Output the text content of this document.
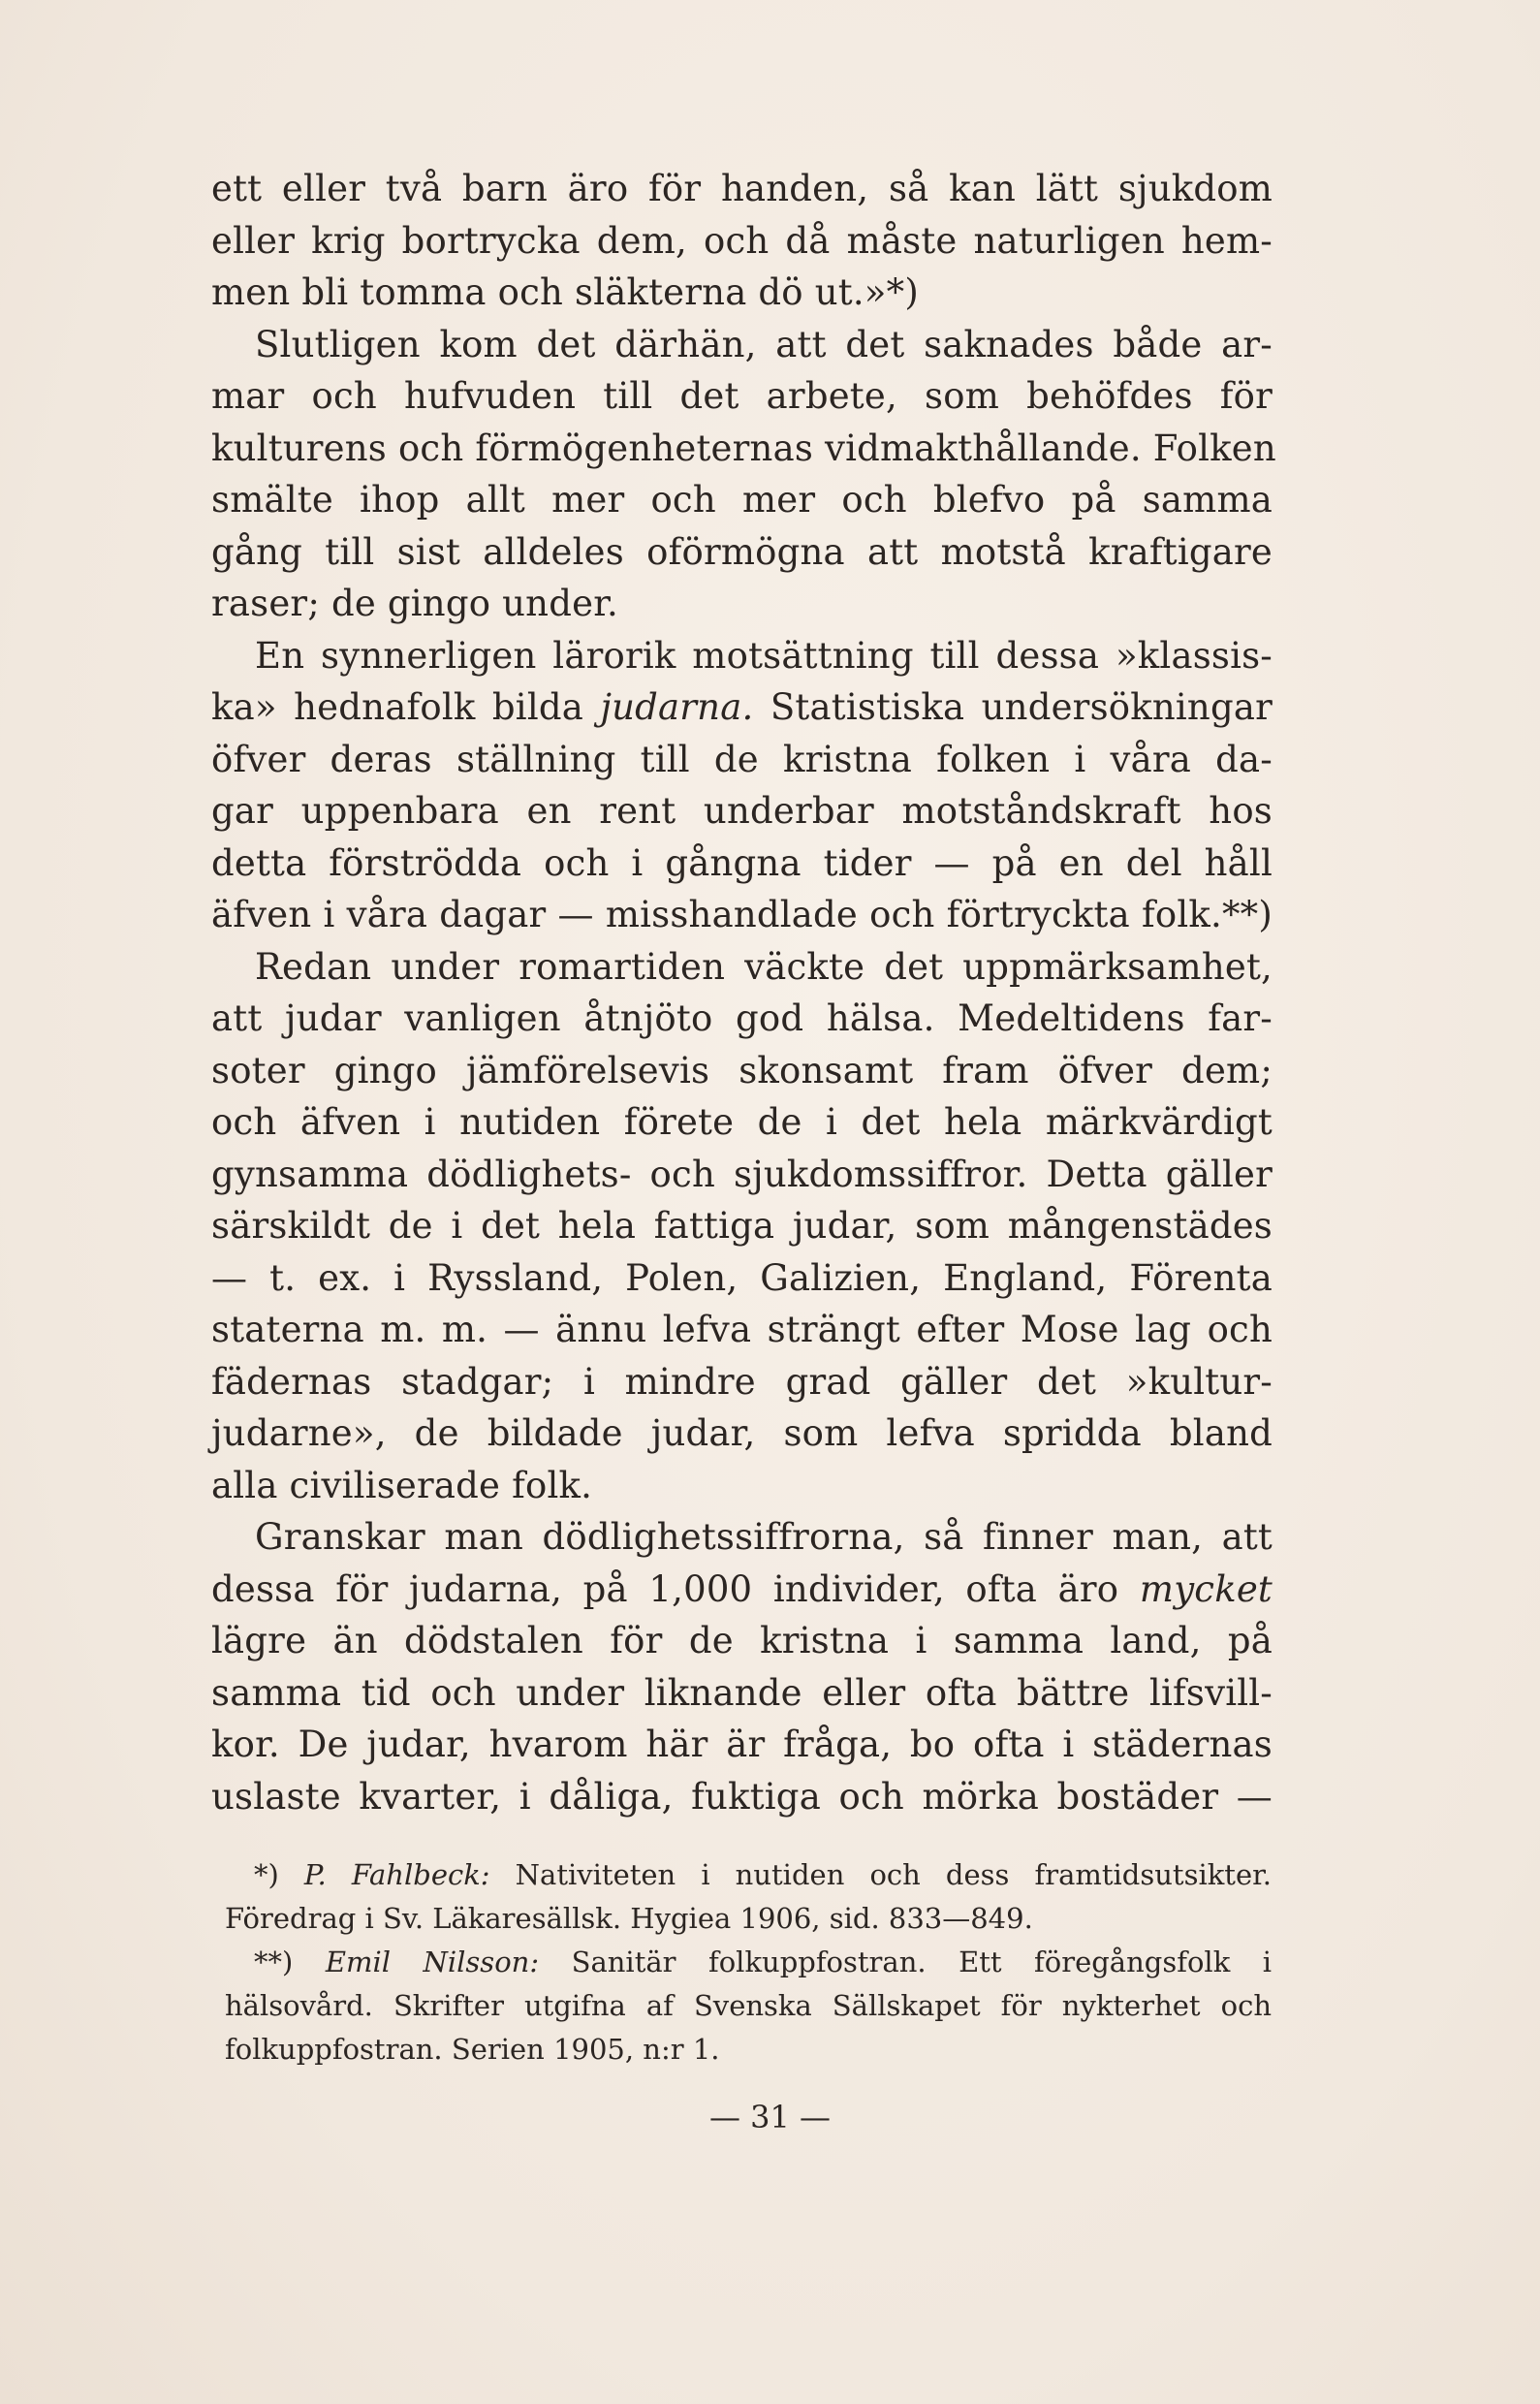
ett eller två barn äro för handen, så kan lätt sjukdom
eller krig bortrycka dem, och då måste naturligen hem-
men bli tomma och släkterna dö ut.»*)
Slutligen kom det därhän, att det saknades både ar-
mar och hufvuden till det arbete, som behöfdes för
kulturens och förmögenheternas vidmakthållande. Folken
smälte ihop allt mer och mer och blefvo på samma
gång till sist alldeles oförmögna att motstå kraftigare
raser; de gingo under.
En synnerligen lärorik motsättning till dessa »klassis-
ka» hednafolk bilda judarna. Statistiska undersökningar
öfver deras ställning till de kristna folken i våra da-
gar uppenbara en rent underbar motståndskraft hos
detta förströdda och i gångna tider — på en del håll
äfven i våra dagar — misshandlade och förtryckta folk.**)
Redan under romartiden väckte det uppmärksamhet,
att judar vanligen åtnjöto god hälsa. Medeltidens far-
soter gingo jämförelsevis skonsamt fram öfver dem;
och äfven i nutiden förete de i det hela märkvärdigt
gynsamma dödlighets- och sjukdomssiffror. Detta gäller
särskildt de i det hela fattiga judar, som mångenstädes
— t. ex. i Ryssland, Polen, Galizien, England, Förenta
staterna m. m. — ännu lefva strängt efter Mose lag och
fädernas stadgar; i mindre grad gäller det »kultur-
judarne», de bildade judar, som lefva spridda bland
alla civiliserade folk.
Granskar man dödlighetssiffrorna, så finner man, att
dessa för judarna, på 1,000 individer, ofta äro mycket
lägre än dödstalen för de kristna i samma land, på
samma tid och under liknande eller ofta bättre lifsvill-
kor. De judar, hvarom här är fråga, bo ofta i städernas
uslaste kvarter, i dåliga, fuktiga och mörka bostäder —
*) P. Fahlbeck: Nativiteten i nutiden och dess framtidsutsikter.
Föredrag i Sv. Läkaresällsk. Hygiea 1906, sid. 833—849.
**) Emil Nilsson: Sanitär folkuppfostran. Ett föregångsfolk i
hälsovård. Skrifter utgifna af Svenska Sällskapet för nykterhet och
folkuppfostran. Serien 1905, n:r 1.
— 31 —
